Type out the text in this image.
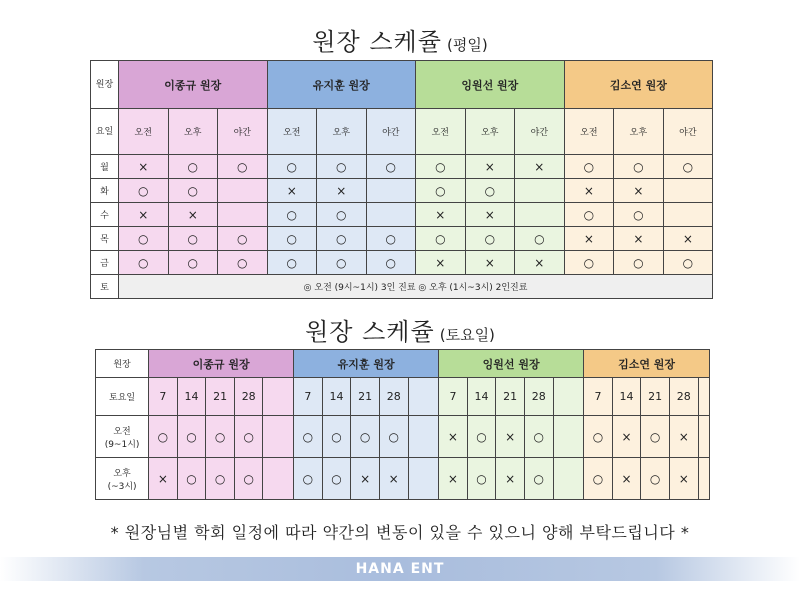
원장 스케쥴 (평일)
원장	이종규 원장			유지훈 원장			잉원선 원장			김소연 원장		
요일	오전	오후	야간	오전	오후	야간	오전	오후	야간	오전	오후	야간
월	×	○	○	○	○	○	○	×	×	○	○	○
화	○	○		×	×		○	○		×	×	
수	×	×		○	○		×	×		○	○	
목	○	○	○	○	○	○	○	○	○	×	×	×
금	○	○	○	○	○	○	×	×	×	○	○	○
토	◎ 오전 (9시~1시) 3인 진료 ◎ 오후 (1시~3시) 2인진료											
원장 스케쥴 (토요일)
원장	이종규 원장					유지훈 원장					잉원선 원장					김소연 원장				
토요일	7	14	21	28		7	14	21	28		7	14	21	28		7	14	21	28	

오전
(9~1시)	○	○	○	○		○	○	○	○		×	○	×	○		○	×	○	×	

오후
(~3시)	×	○	○	○		○	○	×	×		×	○	×	○		○	×	○	×	
* 원장님별 학회 일정에 따라 약간의 변동이 있을 수 있으니 양해 부탁드립니다 *
HANA ENT
